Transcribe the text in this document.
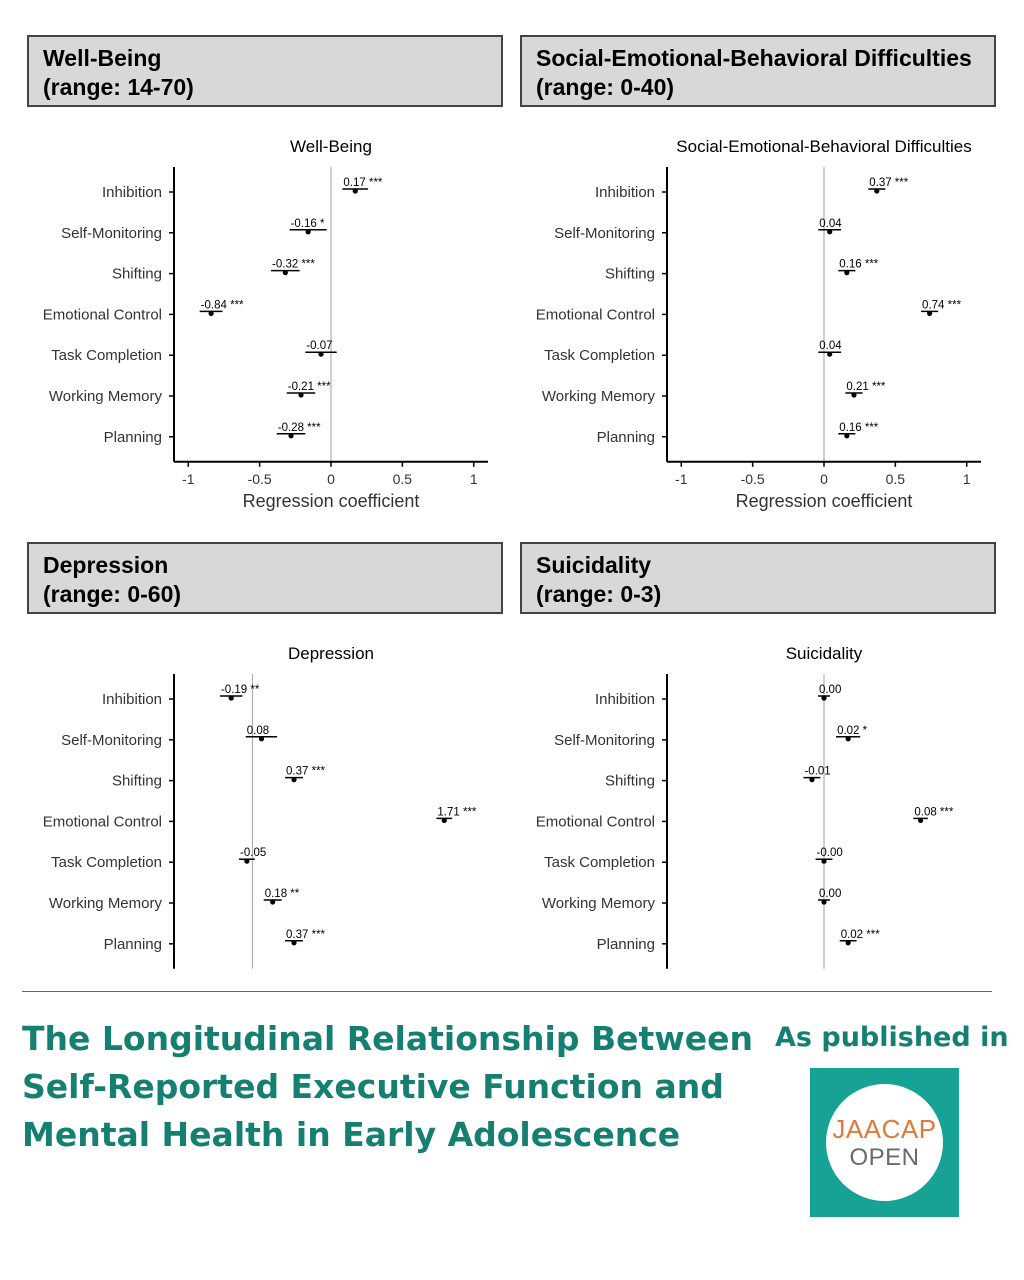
Well-Being
(range: 14-70)
Social-Emotional-Behavioral Difficulties
(range: 0-40)
Depression
(range: 0-60)
Suicidality
(range: 0-3)
Well-Being
Inhibition
0.17 ***
Self-Monitoring
-0.16 *
Shifting
-0.32 ***
Emotional Control
-0.84 ***
Task Completion
-0.07
Working Memory
-0.21 ***
Planning
-0.28 ***
-1	-0.5	0	0.5	1
Regression coefficient
Social-Emotional-Behavioral Difficulties
Inhibition
0.37 ***
Self-Monitoring
0.04
Shifting
0.16 ***
Emotional Control
0.74 ***
Task Completion
0.04
Working Memory
0.21 ***
Planning
0.16 ***
-1	-0.5	0	0.5	1
Regression coefficient
Depression
Inhibition
-0.19 **
Self-Monitoring
0.08
Shifting
0.37 ***
Emotional Control
1.71 ***
Task Completion
-0.05
Working Memory
0.18 **
Planning
0.37 ***
Suicidality
Inhibition
0.00
Self-Monitoring
0.02 *
Shifting
-0.01
Emotional Control
0.08 ***
Task Completion
-0.00
Working Memory
0.00
Planning
0.02 ***
The Longitudinal Relationship Between
Self-Reported Executive Function and
Mental Health in Early Adolescence
As published in
JAACAP
OPEN
